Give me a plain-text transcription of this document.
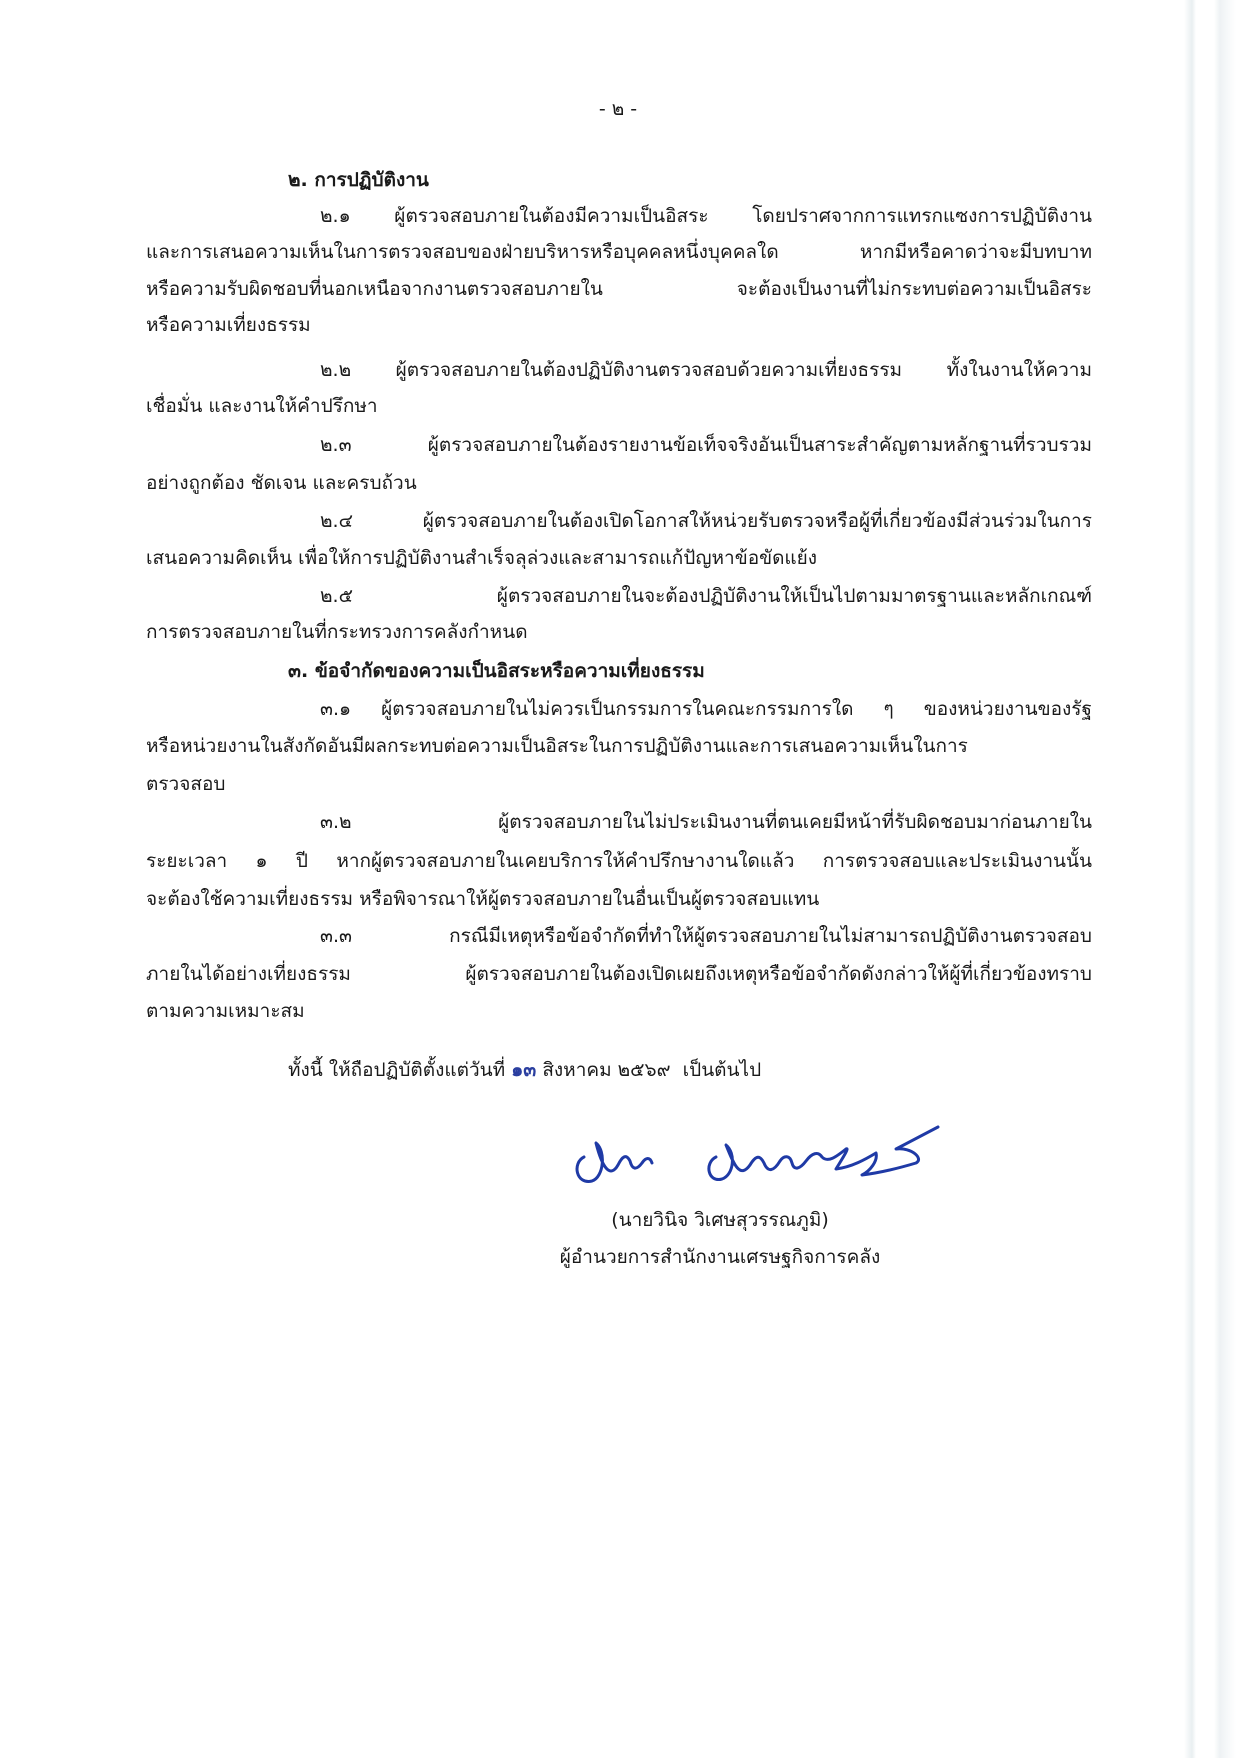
- ๒ -

๒. การปฏิบัติงาน

๒.๑ ผู้ตรวจสอบภายในต้องมีความเป็นอิสระ โดยปราศจากการแทรกแซงการปฏิบัติงาน

และการเสนอความเห็นในการตรวจสอบของฝ่ายบริหารหรือบุคคลหนึ่งบุคคลใด หากมีหรือคาดว่าจะมีบทบาท

หรือความรับผิดชอบที่นอกเหนือจากงานตรวจสอบภายใน จะต้องเป็นงานที่ไม่กระทบต่อความเป็นอิสระ

หรือความเที่ยงธรรม

๒.๒ ผู้ตรวจสอบภายในต้องปฏิบัติงานตรวจสอบด้วยความเที่ยงธรรม ทั้งในงานให้ความ

เชื่อมั่น และงานให้คำปรึกษา

๒.๓ ผู้ตรวจสอบภายในต้องรายงานข้อเท็จจริงอันเป็นสาระสำคัญตามหลักฐานที่รวบรวม

อย่างถูกต้อง ชัดเจน และครบถ้วน

๒.๔ ผู้ตรวจสอบภายในต้องเปิดโอกาสให้หน่วยรับตรวจหรือผู้ที่เกี่ยวข้องมีส่วนร่วมในการ

เสนอความคิดเห็น เพื่อให้การปฏิบัติงานสำเร็จลุล่วงและสามารถแก้ปัญหาข้อขัดแย้ง

๒.๕ ผู้ตรวจสอบภายในจะต้องปฏิบัติงานให้เป็นไปตามมาตรฐานและหลักเกณฑ์

การตรวจสอบภายในที่กระทรวงการคลังกำหนด

๓. ข้อจำกัดของความเป็นอิสระหรือความเที่ยงธรรม

๓.๑ ผู้ตรวจสอบภายในไม่ควรเป็นกรรมการในคณะกรรมการใด ๆ ของหน่วยงานของรัฐ

หรือหน่วยงานในสังกัดอันมีผลกระทบต่อความเป็นอิสระในการปฏิบัติงานและการเสนอความเห็นในการ

ตรวจสอบ

๓.๒ ผู้ตรวจสอบภายในไม่ประเมินงานที่ตนเคยมีหน้าที่รับผิดชอบมาก่อนภายใน

ระยะเวลา ๑ ปี หากผู้ตรวจสอบภายในเคยบริการให้คำปรึกษางานใดแล้ว การตรวจสอบและประเมินงานนั้น

จะต้องใช้ความเที่ยงธรรม หรือพิจารณาให้ผู้ตรวจสอบภายในอื่นเป็นผู้ตรวจสอบแทน

๓.๓ กรณีมีเหตุหรือข้อจำกัดที่ทำให้ผู้ตรวจสอบภายในไม่สามารถปฏิบัติงานตรวจสอบ

ภายในได้อย่างเที่ยงธรรม ผู้ตรวจสอบภายในต้องเปิดเผยถึงเหตุหรือข้อจำกัดดังกล่าวให้ผู้ที่เกี่ยวข้องทราบ

ตามความเหมาะสม

ทั้งนี้ ให้ถือปฏิบัติตั้งแต่วันที่ ๑๓ สิงหาคม ๒๕๖๙ เป็นต้นไป

(นายวินิจ วิเศษสุวรรณภูมิ)

ผู้อำนวยการสำนักงานเศรษฐกิจการคลัง
